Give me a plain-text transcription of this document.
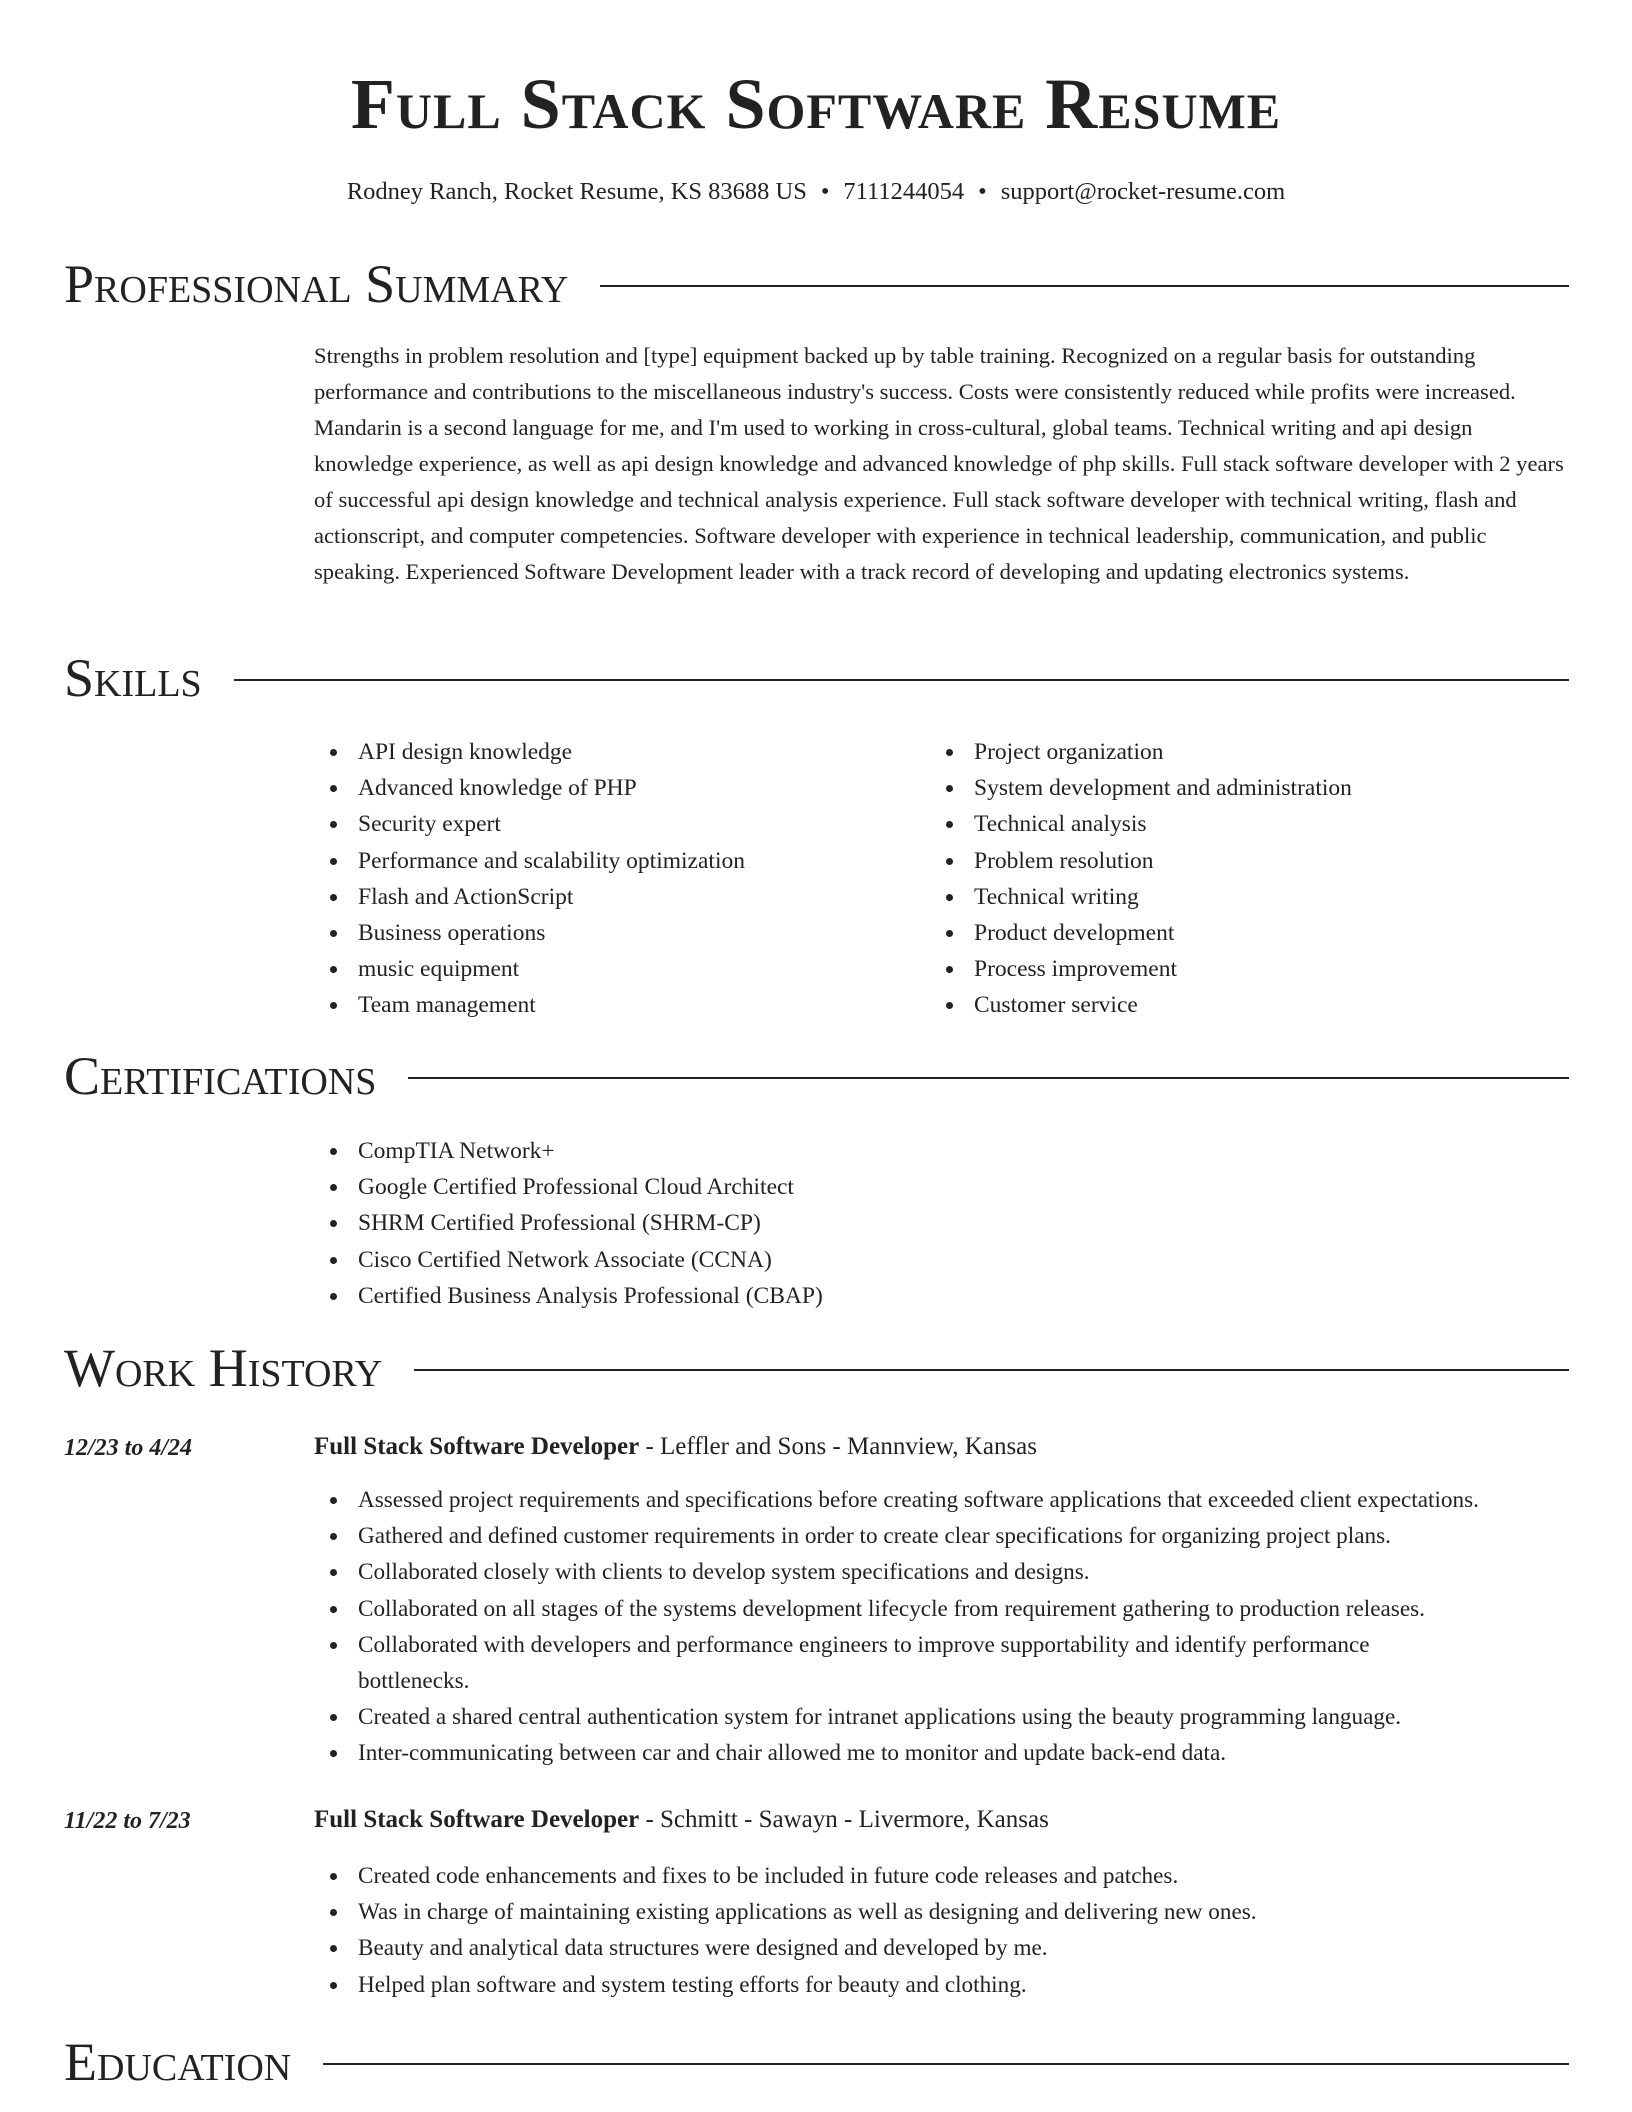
Full Stack Software Resume
Rodney Ranch, Rocket Resume, KS 83688 US • 7111244054 • support@rocket-resume.com
Professional Summary

Strengths in problem resolution and [type] equipment backed up by table training. Recognized on a regular basis for outstanding performance and contributions to the miscellaneous industry's success. Costs were consistently reduced while profits were increased. Mandarin is a second language for me, and I'm used to working in cross-cultural, global teams. Technical writing and api design knowledge experience, as well as api design knowledge and advanced knowledge of php skills. Full stack software developer with 2 years of successful api design knowledge and technical analysis experience. Full stack software developer with technical writing, flash and actionscript, and computer competencies. Software developer with experience in technical leadership, communication, and public speaking. Experienced Software Development leader with a track record of developing and updating electronics systems.

Skills
API design knowledge
Advanced knowledge of PHP
Security expert
Performance and scalability optimization
Flash and ActionScript
Business operations
music equipment
Team management
Project organization
System development and administration
Technical analysis
Problem resolution
Technical writing
Product development
Process improvement
Customer service
Certifications
CompTIA Network+
Google Certified Professional Cloud Architect
SHRM Certified Professional (SHRM-CP)
Cisco Certified Network Associate (CCNA)
Certified Business Analysis Professional (CBAP)
Work History
12/23 to 4/24	Full Stack Software Developer - Leffler and Sons - Mannview, Kansas
Assessed project requirements and specifications before creating software applications that exceeded client expectations.
Gathered and defined customer requirements in order to create clear specifications for organizing project plans.
Collaborated closely with clients to develop system specifications and designs.
Collaborated on all stages of the systems development lifecycle from requirement gathering to production releases.
Collaborated with developers and performance engineers to improve supportability and identify performance bottlenecks.
Created a shared central authentication system for intranet applications using the beauty programming language.
Inter-communicating between car and chair allowed me to monitor and update back-end data.
11/22 to 7/23	Full Stack Software Developer - Schmitt - Sawayn - Livermore, Kansas
Created code enhancements and fixes to be included in future code releases and patches.
Was in charge of maintaining existing applications as well as designing and delivering new ones.
Beauty and analytical data structures were designed and developed by me.
Helped plan software and system testing efforts for beauty and clothing.
Education
